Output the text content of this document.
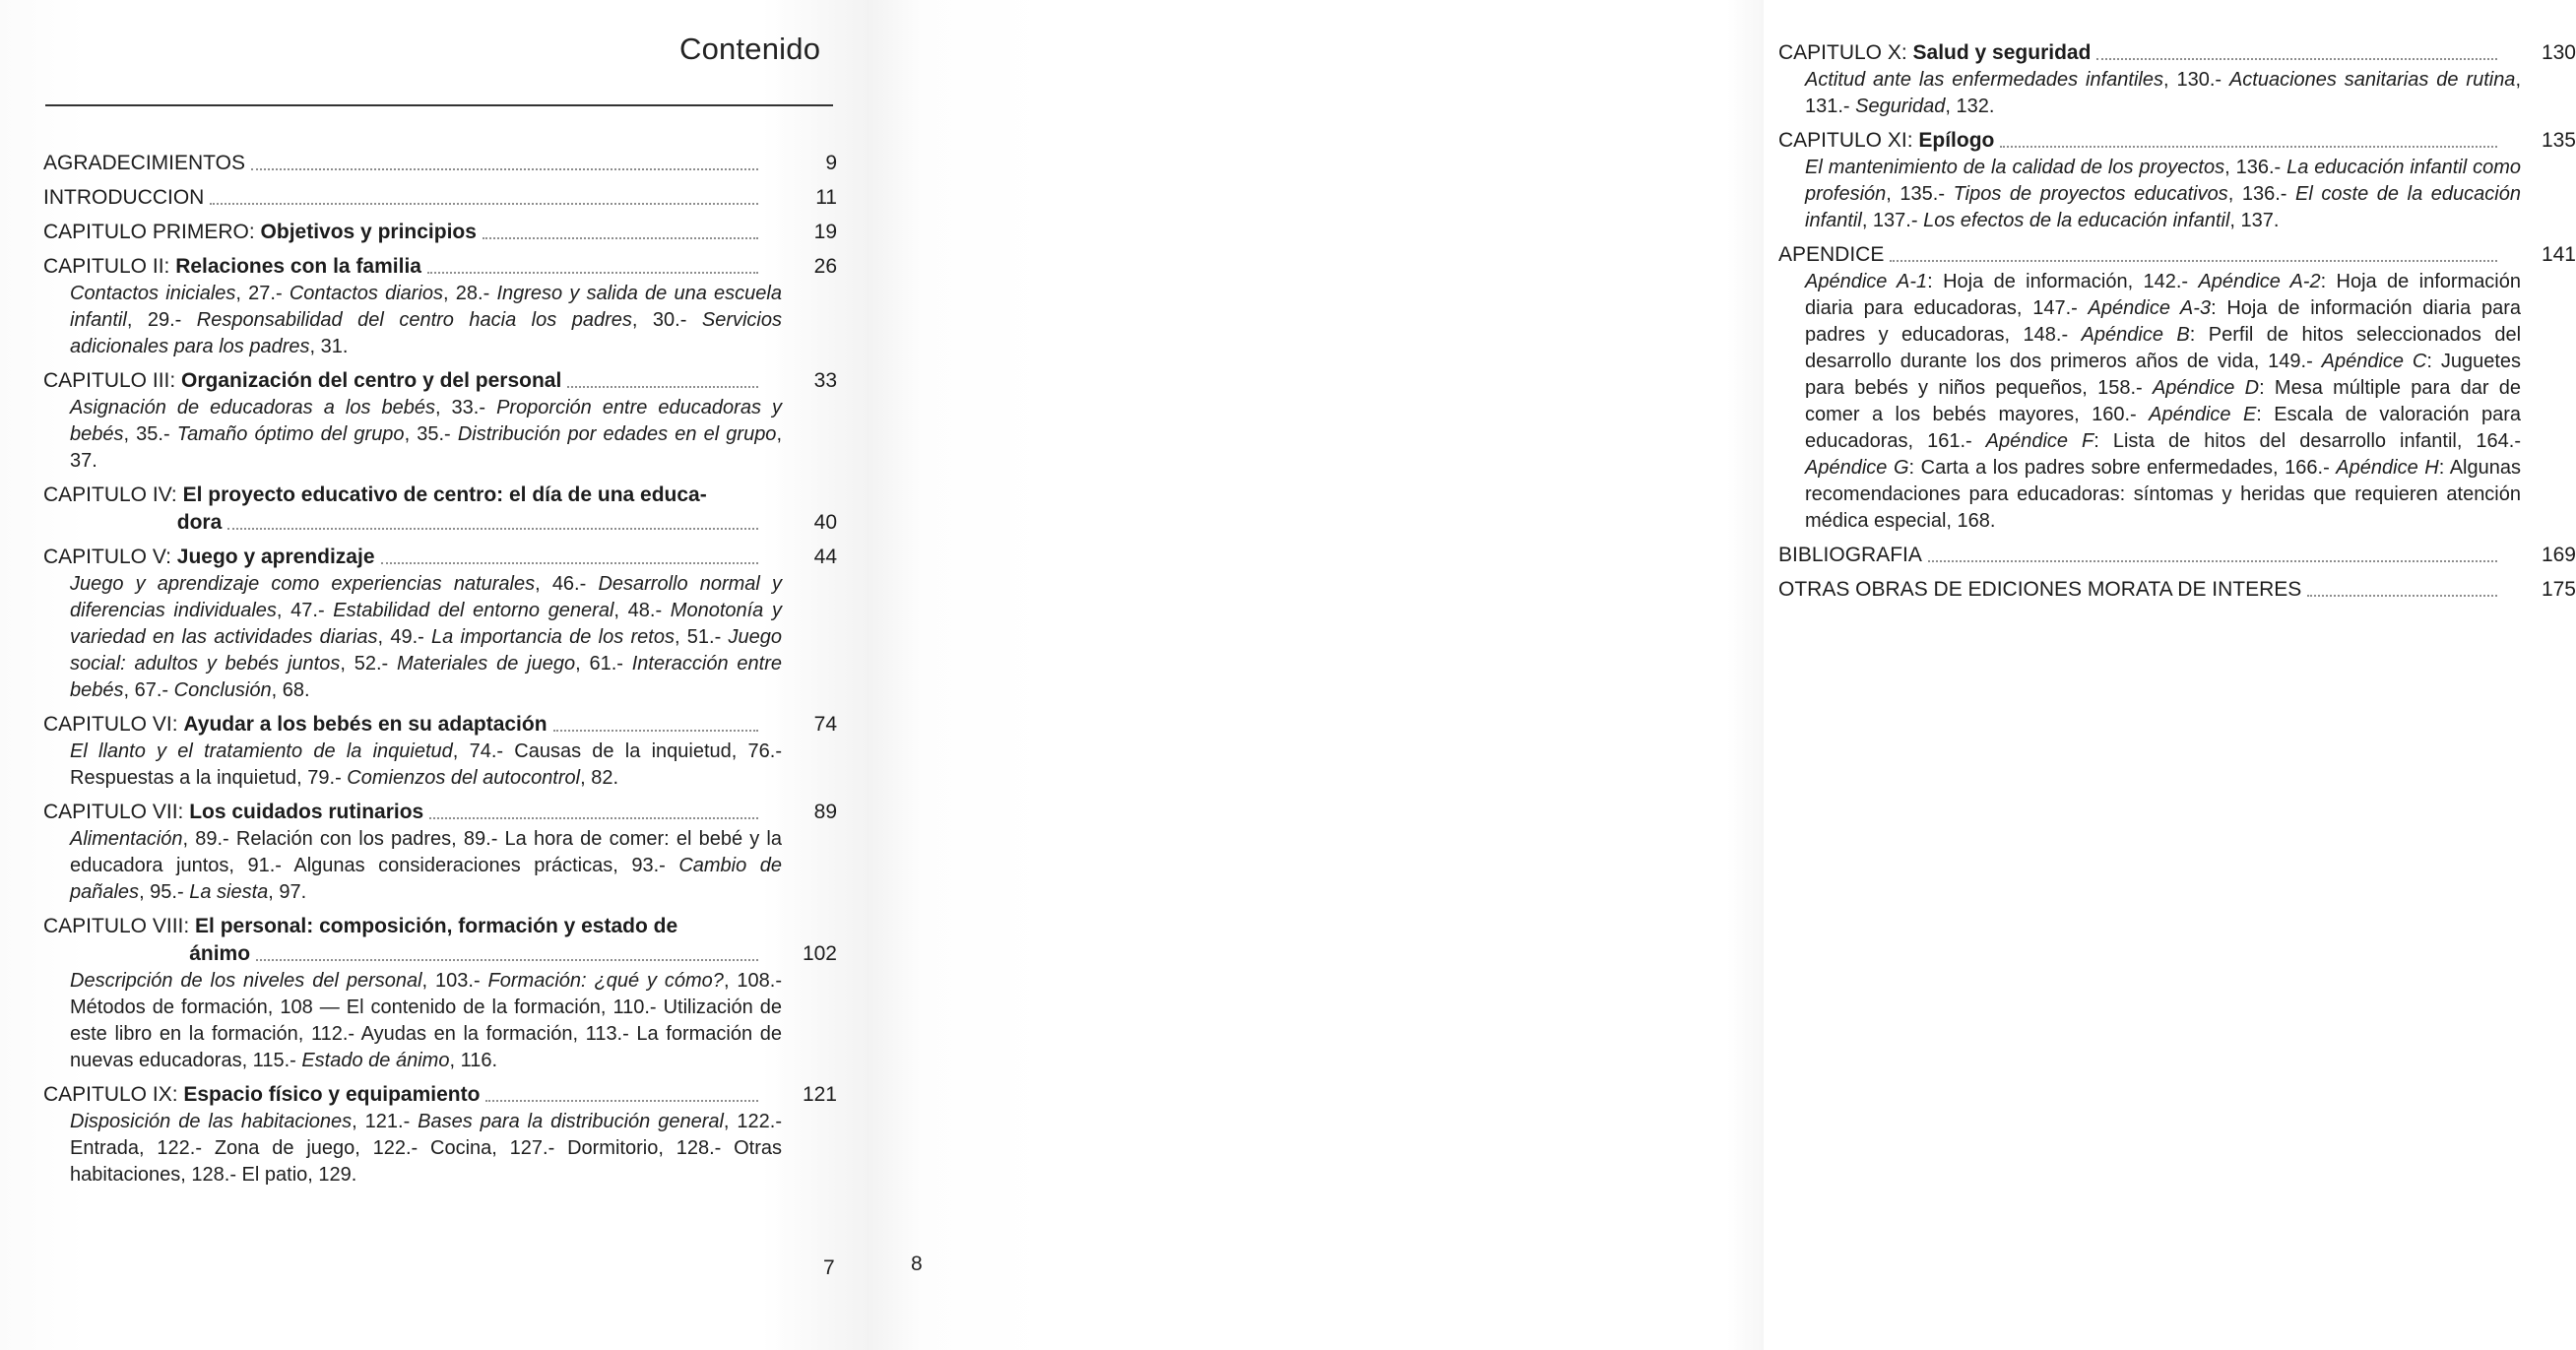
Contenido
AGRADECIMIENTOS	9
INTRODUCCION	11
CAPITULO PRIMERO: Objetivos y principios	19
CAPITULO II: Relaciones con la familia	26
Contactos iniciales, 27.- Contactos diarios, 28.- Ingreso y salida de una escuela infantil, 29.- Responsabilidad del centro hacia los padres, 30.- Servicios adicionales para los padres, 31.
CAPITULO III: Organización del centro y del personal	33
Asignación de educadoras a los bebés, 33.- Proporción entre educadoras y bebés, 35.- Tamaño óptimo del grupo, 35.- Distribución por edades en el grupo, 37.
CAPITULO IV: El proyecto educativo de centro: el día de una educa-
dora	40
CAPITULO V: Juego y aprendizaje	44
Juego y aprendizaje como experiencias naturales, 46.- Desarrollo normal y diferencias individuales, 47.- Estabilidad del entorno general, 48.- Monotonía y variedad en las actividades diarias, 49.- La importancia de los retos, 51.- Juego social: adultos y bebés juntos, 52.- Materiales de juego, 61.- Interacción entre bebés, 67.- Conclusión, 68.
CAPITULO VI: Ayudar a los bebés en su adaptación	74
El llanto y el tratamiento de la inquietud, 74.- Causas de la inquietud, 76.- Respuestas a la inquietud, 79.- Comienzos del autocontrol, 82.
CAPITULO VII: Los cuidados rutinarios	89
Alimentación, 89.- Relación con los padres, 89.- La hora de comer: el bebé y la educadora juntos, 91.- Algunas consideraciones prácticas, 93.- Cambio de pañales, 95.- La siesta, 97.
CAPITULO VIII: El personal: composición, formación y estado de
ánimo	102
Descripción de los niveles del personal, 103.- Formación: ¿qué y cómo?, 108.- Métodos de formación, 108 — El contenido de la formación, 110.- Utilización de este libro en la formación, 112.- Ayudas en la formación, 113.- La formación de nuevas educadoras, 115.- Estado de ánimo, 116.
CAPITULO IX: Espacio físico y equipamiento	121
Disposición de las habitaciones, 121.- Bases para la distribución general, 122.- Entrada, 122.- Zona de juego, 122.- Cocina, 127.- Dormitorio, 128.- Otras habitaciones, 128.- El patio, 129.
7
CAPITULO X: Salud y seguridad	130
Actitud ante las enfermedades infantiles, 130.- Actuaciones sanitarias de rutina, 131.- Seguridad, 132.
CAPITULO XI: Epílogo	135
El mantenimiento de la calidad de los proyectos, 136.- La educación infantil como profesión, 135.- Tipos de proyectos educativos, 136.- El coste de la educación infantil, 137.- Los efectos de la educación infantil, 137.
APENDICE	141
Apéndice A-1: Hoja de información, 142.- Apéndice A-2: Hoja de información diaria para educadoras, 147.- Apéndice A-3: Hoja de información diaria para padres y educadoras, 148.- Apéndice B: Perfil de hitos seleccionados del desarrollo durante los dos primeros años de vida, 149.- Apéndice C: Juguetes para bebés y niños pequeños, 158.- Apéndice D: Mesa múltiple para dar de comer a los bebés mayores, 160.- Apéndice E: Escala de valoración para educadoras, 161.- Apéndice F: Lista de hitos del desarrollo infantil, 164.- Apéndice G: Carta a los padres sobre enfermedades, 166.- Apéndice H: Algunas recomendaciones para educadoras: síntomas y heridas que requieren atención médica especial, 168.
BIBLIOGRAFIA	169
OTRAS OBRAS DE EDICIONES MORATA DE INTERES	175
8
